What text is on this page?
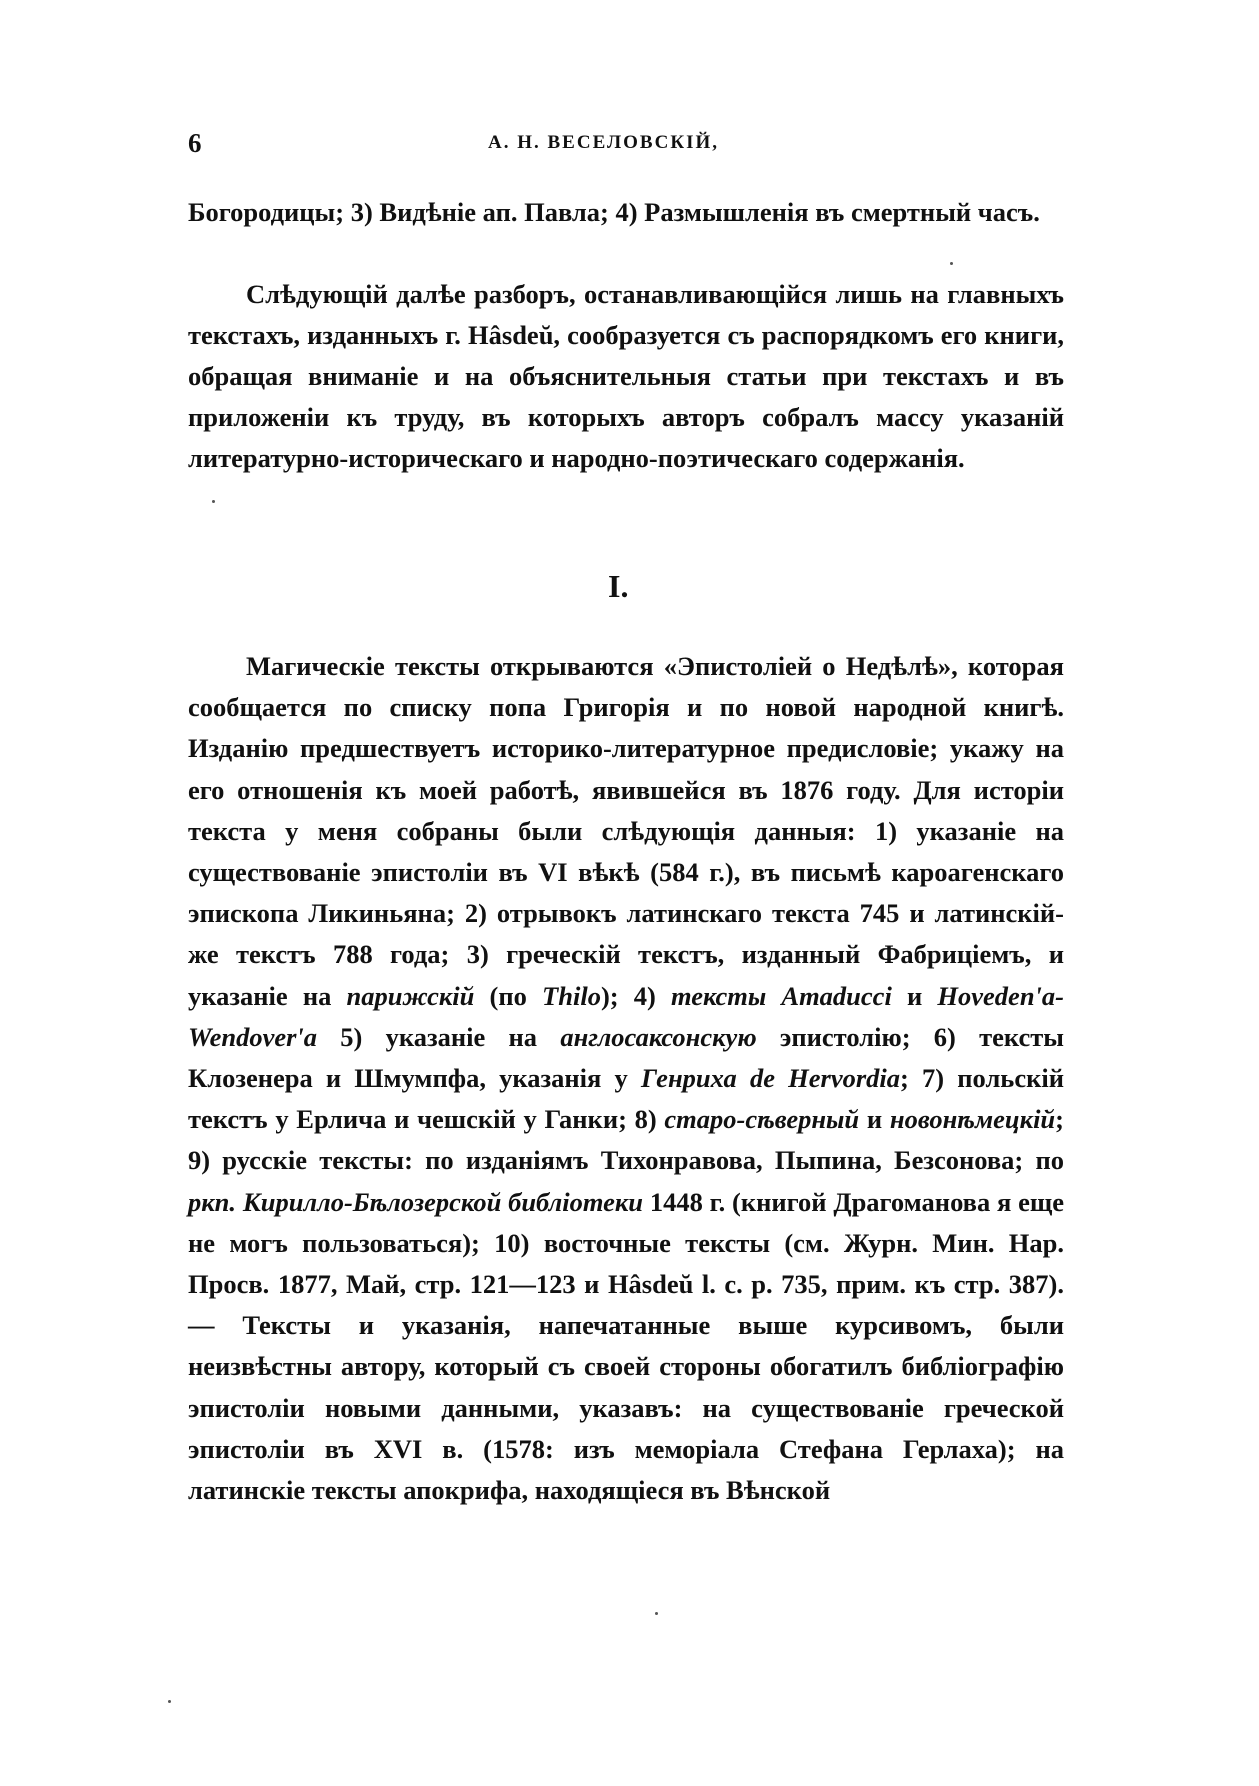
6	А. Н. ВЕСЕЛОВСКІЙ,

Богородицы; 3) Видѣніе ап. Павла; 4) Размышленія въ смертный часъ.

Слѣдующій далѣе разборъ, останавливающійся лишь на главныхъ текстахъ, изданныхъ г. Hâsdeŭ, сообразуется съ распорядкомъ его книги, обращая вниманіе и на объяснительныя статьи при текстахъ и въ приложеніи къ труду, въ которыхъ авторъ собралъ массу указаній литературно-историческаго и народно-поэтическаго содержанія.

I.

Магическіе тексты открываются «Эпистоліей о Недѣлѣ», которая сообщается по списку попа Григорія и по новой народной книгѣ. Изданію предшествуетъ историко-литературное предисловіе; укажу на его отношенія къ моей работѣ, явившейся въ 1876 году. Для исторіи текста у меня собраны были слѣдующія данныя: 1) указаніе на существованіе эпистоліи въ VI вѣкѣ (584 г.), въ письмѣ кароагенскаго эпископа Ликиньяна; 2) отрывокъ латинскаго текста 745 и латинскій-же текстъ 788 года; 3) греческій текстъ, изданный Фабриціемъ, и указаніе на парижскій (по Thilo); 4) тексты Amaducci и Hoveden'a-Wendover'a 5) указаніе на англосаксонскую эпистолію; 6) тексты Клозенера и Шмумпфа, указанія у Генриха de Hervordia; 7) польскій текстъ у Ерлича и чешскій у Ганки; 8) старо-сѣверный и новонѣмецкій; 9) русскіе тексты: по изданіямъ Тихонравова, Пыпина, Безсонова; по ркп. Кирилло-Бѣлозерской библіотеки 1448 г. (книгой Драгоманова я еще не могъ пользоваться); 10) восточные тексты (см. Журн. Мин. Нар. Просв. 1877, Май, стр. 121—123 и Hâsdeŭ l. c. p. 735, прим. къ стр. 387). — Тексты и указанія, напечатанные выше курсивомъ, были неизвѣстны автору, который съ своей стороны обогатилъ библіографію эпистоліи новыми данными, указавъ: на существованіе греческой эпистоліи въ XVI в. (1578: изъ меморіала Стефана Герлаха); на латинскіе тексты апокрифа, находящіеся въ Вѣнской
